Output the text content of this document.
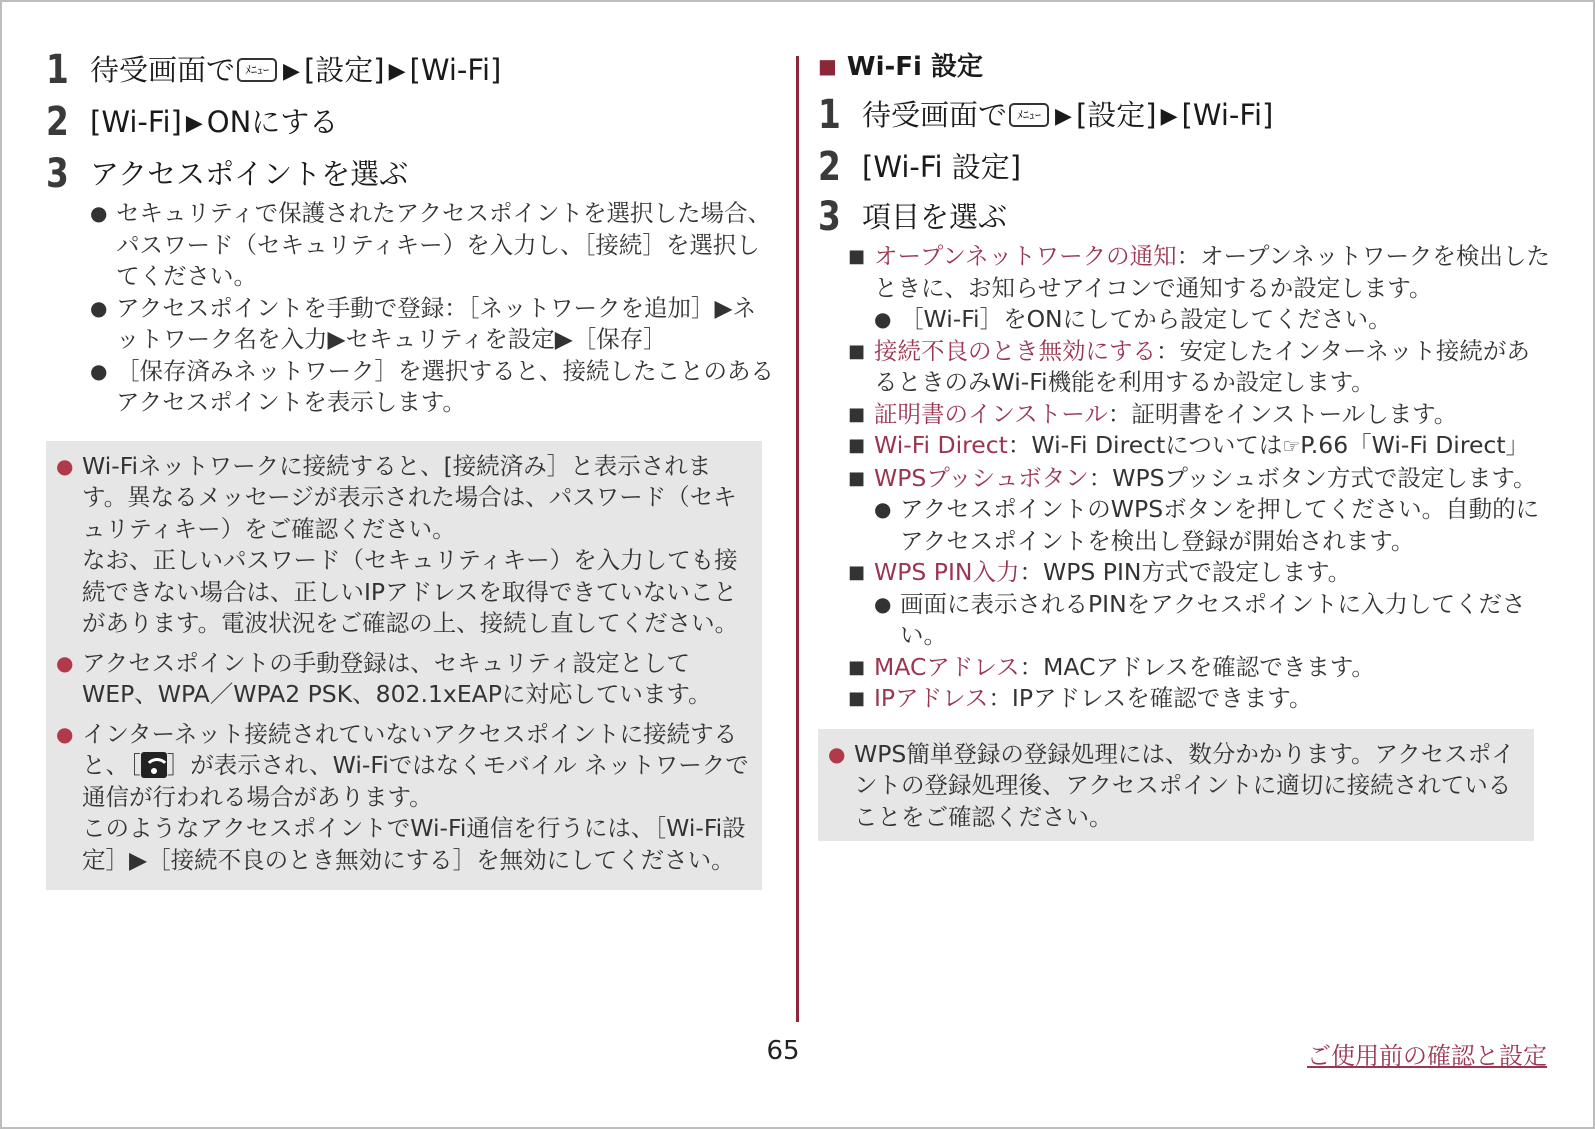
1 待受画面で ﾒﾆｭｰ ▶ [設定] ▶ [Wi-Fi]
2 [Wi-Fi] ▶ ONにする
3 アクセスポイントを選ぶ
● セキュリティで保護されたアクセスポイントを選択した場合、パスワード（セキュリティキー）を入力し、［接続］を選択してください。
● アクセスポイントを手動で登録：［ネットワークを追加］▶ネットワーク名を入力▶セキュリティを設定▶［保存］
● ［保存済みネットワーク］を選択すると、接続したことのあるアクセスポイントを表示します。
● Wi-Fiネットワークに接続すると、[接続済み］と表示されます。異なるメッセージが表示された場合は、パスワード（セキュリティキー）をご確認ください。

なお、正しいパスワード（セキュリティキー）を入力しても接続できない場合は、正しいIPアドレスを取得できていないことがあります。電波状況をご確認の上、接続し直してください。

● アクセスポイントの手動登録は、セキュリティ設定としてWEP、WPA／WPA2 PSK、802.1xEAPに対応しています。

● インターネット接続されていないアクセスポイントに接続すると、［ ］が表示され、Wi-Fiではなくモバイル ネットワークで通信が行われる場合があります。

このようなアクセスポイントでWi-Fi通信を行うには、［Wi-Fi設定］▶［接続不良のとき無効にする］を無効にしてください。

■ Wi-Fi 設定
1 待受画面で ﾒﾆｭｰ ▶ [設定] ▶ [Wi-Fi]
2 [Wi-Fi 設定]
3 項目を選ぶ
■ オープンネットワークの通知：オープンネットワークを検出したときに、お知らせアイコンで通知するか設定します。
● ［Wi-Fi］をONにしてから設定してください。
■ 接続不良のとき無効にする：安定したインターネット接続があるときのみWi-Fi機能を利用するか設定します。
■ 証明書のインストール：証明書をインストールします。
■ Wi-Fi Direct：Wi-Fi Directについては☞P.66「Wi-Fi Direct」
■ WPSプッシュボタン：WPSプッシュボタン方式で設定します。
● アクセスポイントのWPSボタンを押してください。自動的にアクセスポイントを検出し登録が開始されます。
■ WPS PIN入力：WPS PIN方式で設定します。
● 画面に表示されるPINをアクセスポイントに入力してください。
■ MACアドレス：MACアドレスを確認できます。
■ IPアドレス：IPアドレスを確認できます。
● WPS簡単登録の登録処理には、数分かかります。アクセスポイントの登録処理後、アクセスポイントに適切に接続されていることをご確認ください。

65	ご使用前の確認と設定
